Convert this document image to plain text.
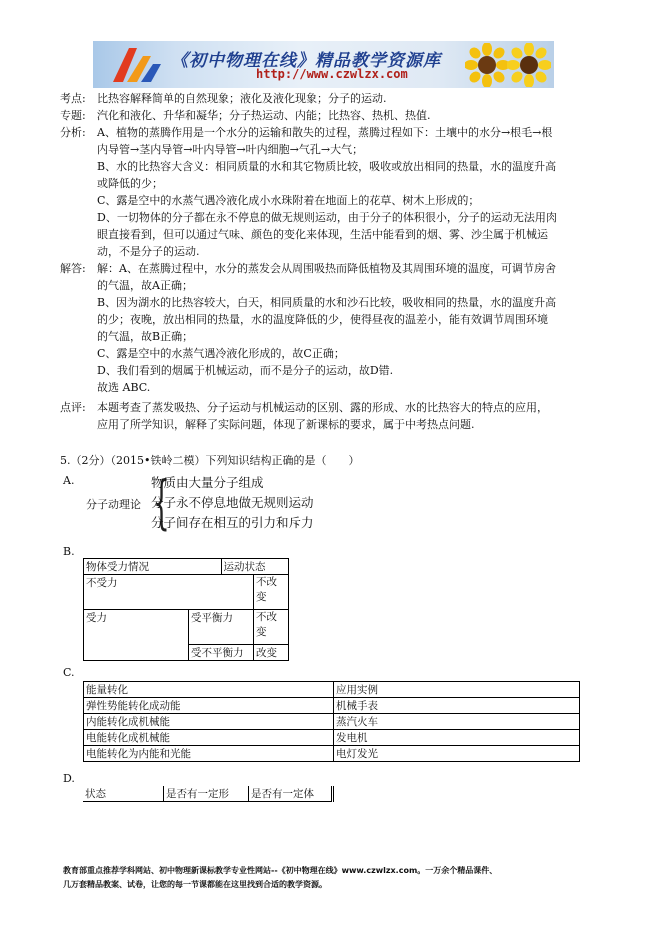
《初中物理在线》精品教学资源库
http://www.czwlzx.com
考点: 比热容解释简单的自然现象；液化及液化现象；分子的运动.
专题: 汽化和液化、升华和凝华；分子热运动、内能；比热容、热机、热值.
分析: A、植物的蒸腾作用是一个水分的运输和散失的过程，蒸腾过程如下：土壤中的水分→根毛→根
内导管→茎内导管→叶内导管→叶内细胞→气孔→大气；
B、水的比热容大含义：相同质量的水和其它物质比较，吸收或放出相同的热量，水的温度升高
或降低的少；
C、露是空中的水蒸气遇冷液化成小水珠附着在地面上的花草、树木上形成的；
D、一切物体的分子都在永不停息的做无规则运动，由于分子的体积很小，分子的运动无法用肉
眼直接看到，但可以通过气味、颜色的变化来体现，生活中能看到的烟、雾、沙尘属于机械运
动，不是分子的运动.
解答: 解：A、在蒸腾过程中，水分的蒸发会从周围吸热而降低植物及其周围环境的温度，可调节房舍
的气温，故A正确；
B、因为湖水的比热容较大，白天，相同质量的水和沙石比较，吸收相同的热量，水的温度升高
的少；夜晚，放出相同的热量，水的温度降低的少，使得昼夜的温差小，能有效调节周围环境
的气温，故B正确；
C、露是空中的水蒸气遇冷液化形成的，故C正确；
D、我们看到的烟属于机械运动，而不是分子的运动，故D错.
故选 ABC.
点评: 本题考查了蒸发吸热、分子运动与机械运动的区别、露的形成、水的比热容大的特点的应用，
应用了所学知识，解释了实际问题，体现了新课标的要求，属于中考热点问题.
5.（2分）（2015•铁岭二模）下列知识结构正确的是（　　）
A.
分子动理论 {
物质由大量分子组成
分子永不停息地做无规则运动
分子间存在相互的引力和斥力
B.
物体受力情况		运动状态	
不受力			不改变
受力	受平衡力		不改变
	受不平衡力		改变
C.
能量转化	应用实例
弹性势能转化成动能	机械手表
内能转化成机械能	蒸汽火车
电能转化成机械能	发电机
电能转化为内能和光能	电灯发光
D.
状态	是否有一定形	是否有一定体
教育部重点推荐学科网站、初中物理新课标教学专业性网站--《初中物理在线》www.czwlzx.com。一万余个精品课件、
几万套精品教案、试卷，让您的每一节课都能在这里找到合适的教学资源。
